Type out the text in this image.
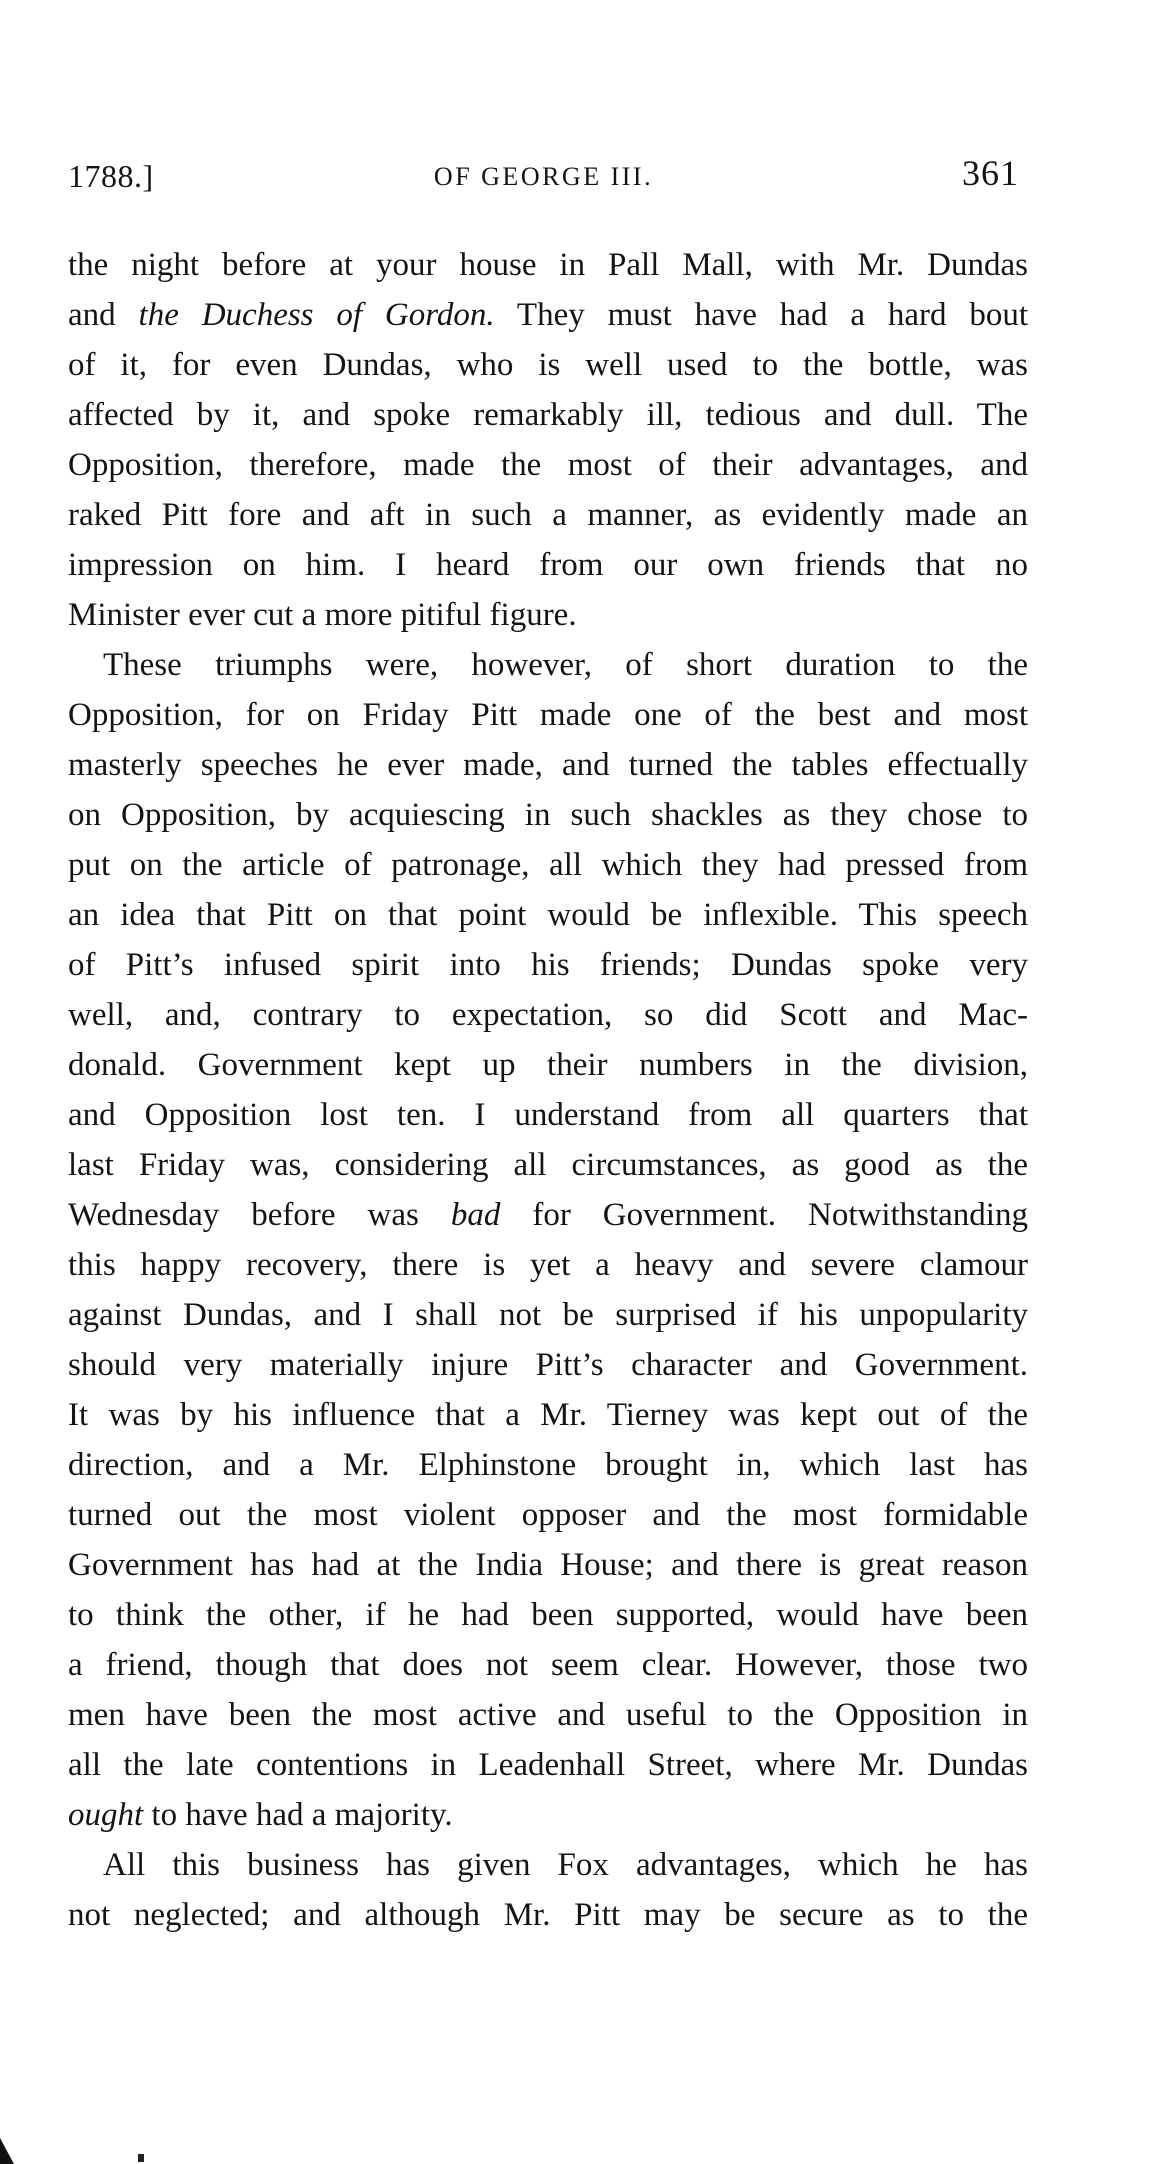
1788.]	OF GEORGE III.	361
the night before at your house in Pall Mall, with Mr. Dundas
and the Duchess of Gordon. They must have had a hard bout
of it, for even Dundas, who is well used to the bottle, was
affected by it, and spoke remarkably ill, tedious and dull. The
Opposition, therefore, made the most of their advantages, and
raked Pitt fore and aft in such a manner, as evidently made an
impression on him. I heard from our own friends that no
Minister ever cut a more pitiful figure.
These triumphs were, however, of short duration to the
Opposition, for on Friday Pitt made one of the best and most
masterly speeches he ever made, and turned the tables effectually
on Opposition, by acquiescing in such shackles as they chose to
put on the article of patronage, all which they had pressed from
an idea that Pitt on that point would be inflexible. This speech
of Pitt’s infused spirit into his friends; Dundas spoke very
well, and, contrary to expectation, so did Scott and Mac-
donald. Government kept up their numbers in the division,
and Opposition lost ten. I understand from all quarters that
last Friday was, considering all circumstances, as good as the
Wednesday before was bad for Government. Notwithstanding
this happy recovery, there is yet a heavy and severe clamour
against Dundas, and I shall not be surprised if his unpopularity
should very materially injure Pitt’s character and Government.
It was by his influence that a Mr. Tierney was kept out of the
direction, and a Mr. Elphinstone brought in, which last has
turned out the most violent opposer and the most formidable
Government has had at the India House; and there is great reason
to think the other, if he had been supported, would have been
a friend, though that does not seem clear. However, those two
men have been the most active and useful to the Opposition in
all the late contentions in Leadenhall Street, where Mr. Dundas
ought to have had a majority.
All this business has given Fox advantages, which he has
not neglected; and although Mr. Pitt may be secure as to the
